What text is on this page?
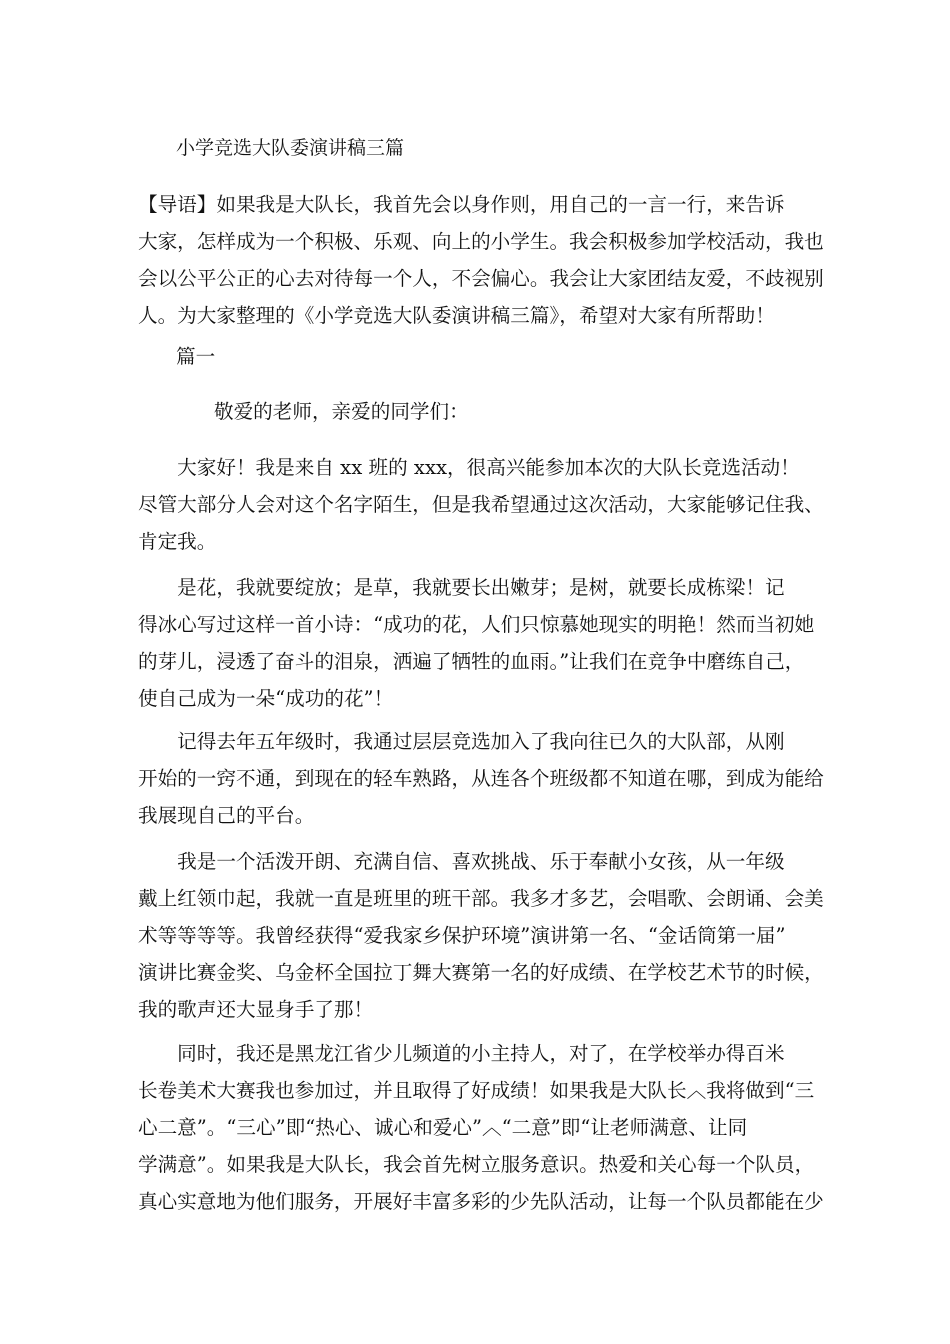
小学竞选大队委演讲稿三篇
【导语】如果我是大队长，我首先会以身作则，用自己的一言一行，来告诉
大家，怎样成为一个积极、乐观、向上的小学生。我会积极参加学校活动，我也
会以公平公正的心去对待每一个人，不会偏心。我会让大家团结友爱，不歧视别
人。为大家整理的《小学竞选大队委演讲稿三篇》，希望对大家有所帮助！
篇一
敬爱的老师，亲爱的同学们：
　　大家好！我是来自 xx 班的 xxx，很高兴能参加本次的大队长竞选活动！
尽管大部分人会对这个名字陌生，但是我希望通过这次活动，大家能够记住我、
肯定我。
　　是花，我就要绽放；是草，我就要长出嫩芽；是树，就要长成栋梁！记
得冰心写过这样一首小诗：“成功的花，人们只惊慕她现实的明艳！然而当初她
的芽儿，浸透了奋斗的泪泉，洒遍了牺牲的血雨。”让我们在竞争中磨练自己，
使自己成为一朵“成功的花”！
　　记得去年五年级时，我通过层层竞选加入了我向往已久的大队部，从刚
开始的一窍不通，到现在的轻车熟路，从连各个班级都不知道在哪，到成为能给
我展现自己的平台。
　　我是一个活泼开朗、充满自信、喜欢挑战、乐于奉献小女孩，从一年级
戴上红领巾起，我就一直是班里的班干部。我多才多艺，会唱歌、会朗诵、会美
术等等等等。我曾经获得“爱我家乡保护环境”演讲第一名、“金话筒第一届”
演讲比赛金奖、乌金杯全国拉丁舞大赛第一名的好成绩、在学校艺术节的时候，
我的歌声还大显身手了那！
　　同时，我还是黑龙江省少儿频道的小主持人，对了，在学校举办得百米
长卷美术大赛我也参加过，并且取得了好成绩！如果我是大队长︿我将做到“三
心二意”。“三心”即“热心、诚心和爱心”︿“二意”即“让老师满意、让同
学满意”。如果我是大队长，我会首先树立服务意识。热爱和关心每一个队员，
真心实意地为他们服务，开展好丰富多彩的少先队活动，让每一个队员都能在少
